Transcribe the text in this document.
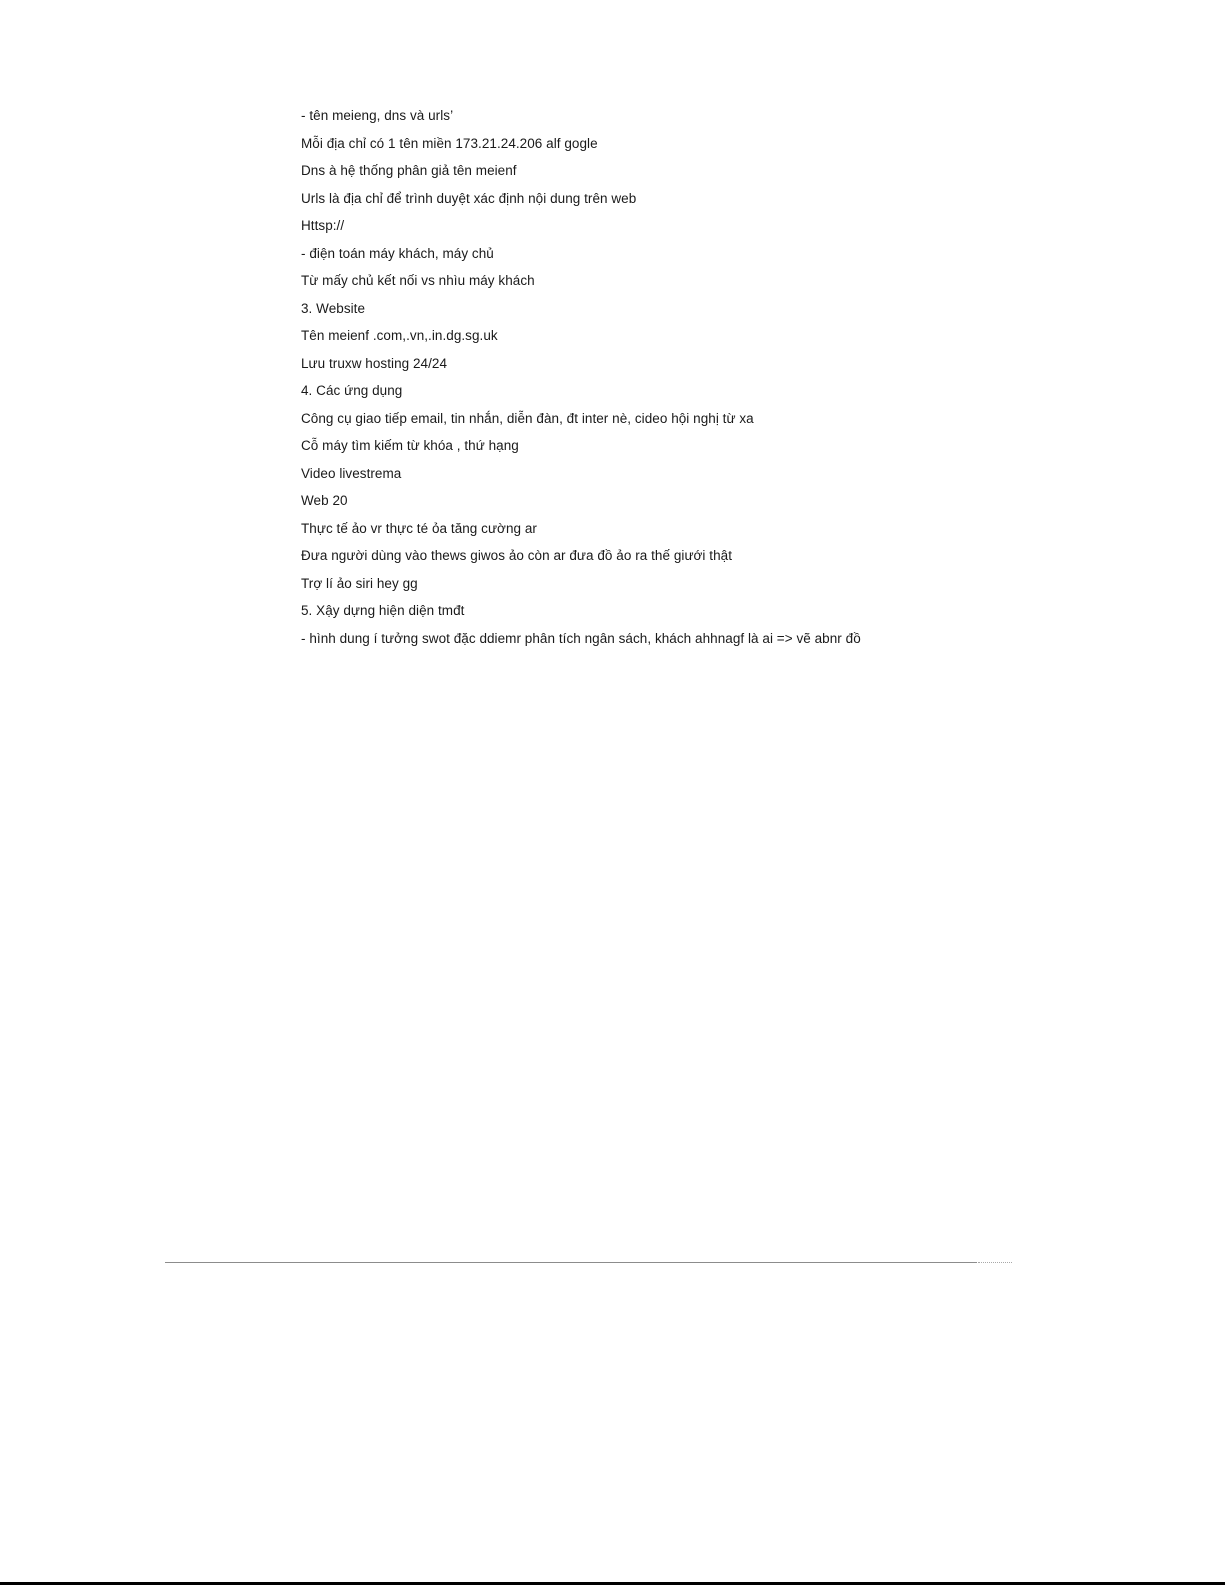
- tên meieng, dns và urls’
Mỗi địa chỉ có 1 tên miền 173.21.24.206 alf gogle
Dns à hệ thống phân giả tên meienf
Urls là địa chỉ để trình duyệt xác định nội dung trên web
Httsp://
- điện toán máy khách, máy chủ
Từ mấy chủ kết nối vs nhìu máy khách
3. Website
Tên meienf .com,.vn,.in.dg.sg.uk
Lưu truxw hosting 24/24
4. Các ứng dụng
Công cụ giao tiếp email, tin nhắn, diễn đàn, đt inter nè, cideo hội nghị từ xa
Cỗ máy tìm kiếm từ khóa , thứ hạng
Video livestrema
Web 20
Thực tế ảo vr thực té ỏa tăng cường ar
Đưa người dùng vào thews giwos ảo còn ar đưa đồ ảo ra thế giưới thật
Trợ lí ảo siri hey gg
5. Xậy dựng hiện diện tmđt
- hình dung í tưởng swot đặc ddiemr phân tích ngân sách, khách ahhnagf là ai => vẽ abnr đồ
